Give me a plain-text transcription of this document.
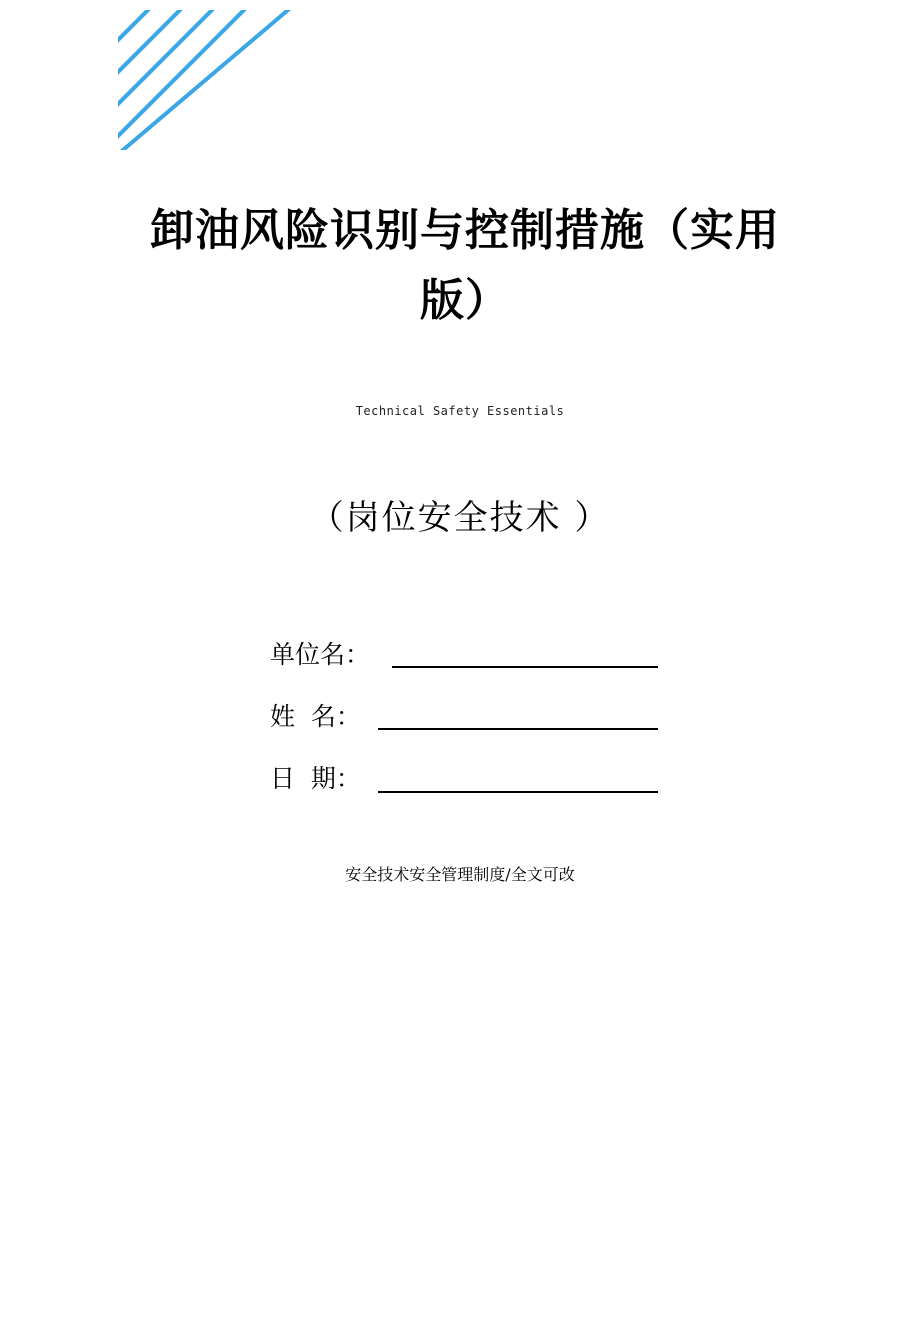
卸油风险识别与控制措施（实用版）
Technical Safety Essentials
（岗位安全技术 ）
单位名：
姓  名：
日  期：
安全技术安全管理制度/全文可改
